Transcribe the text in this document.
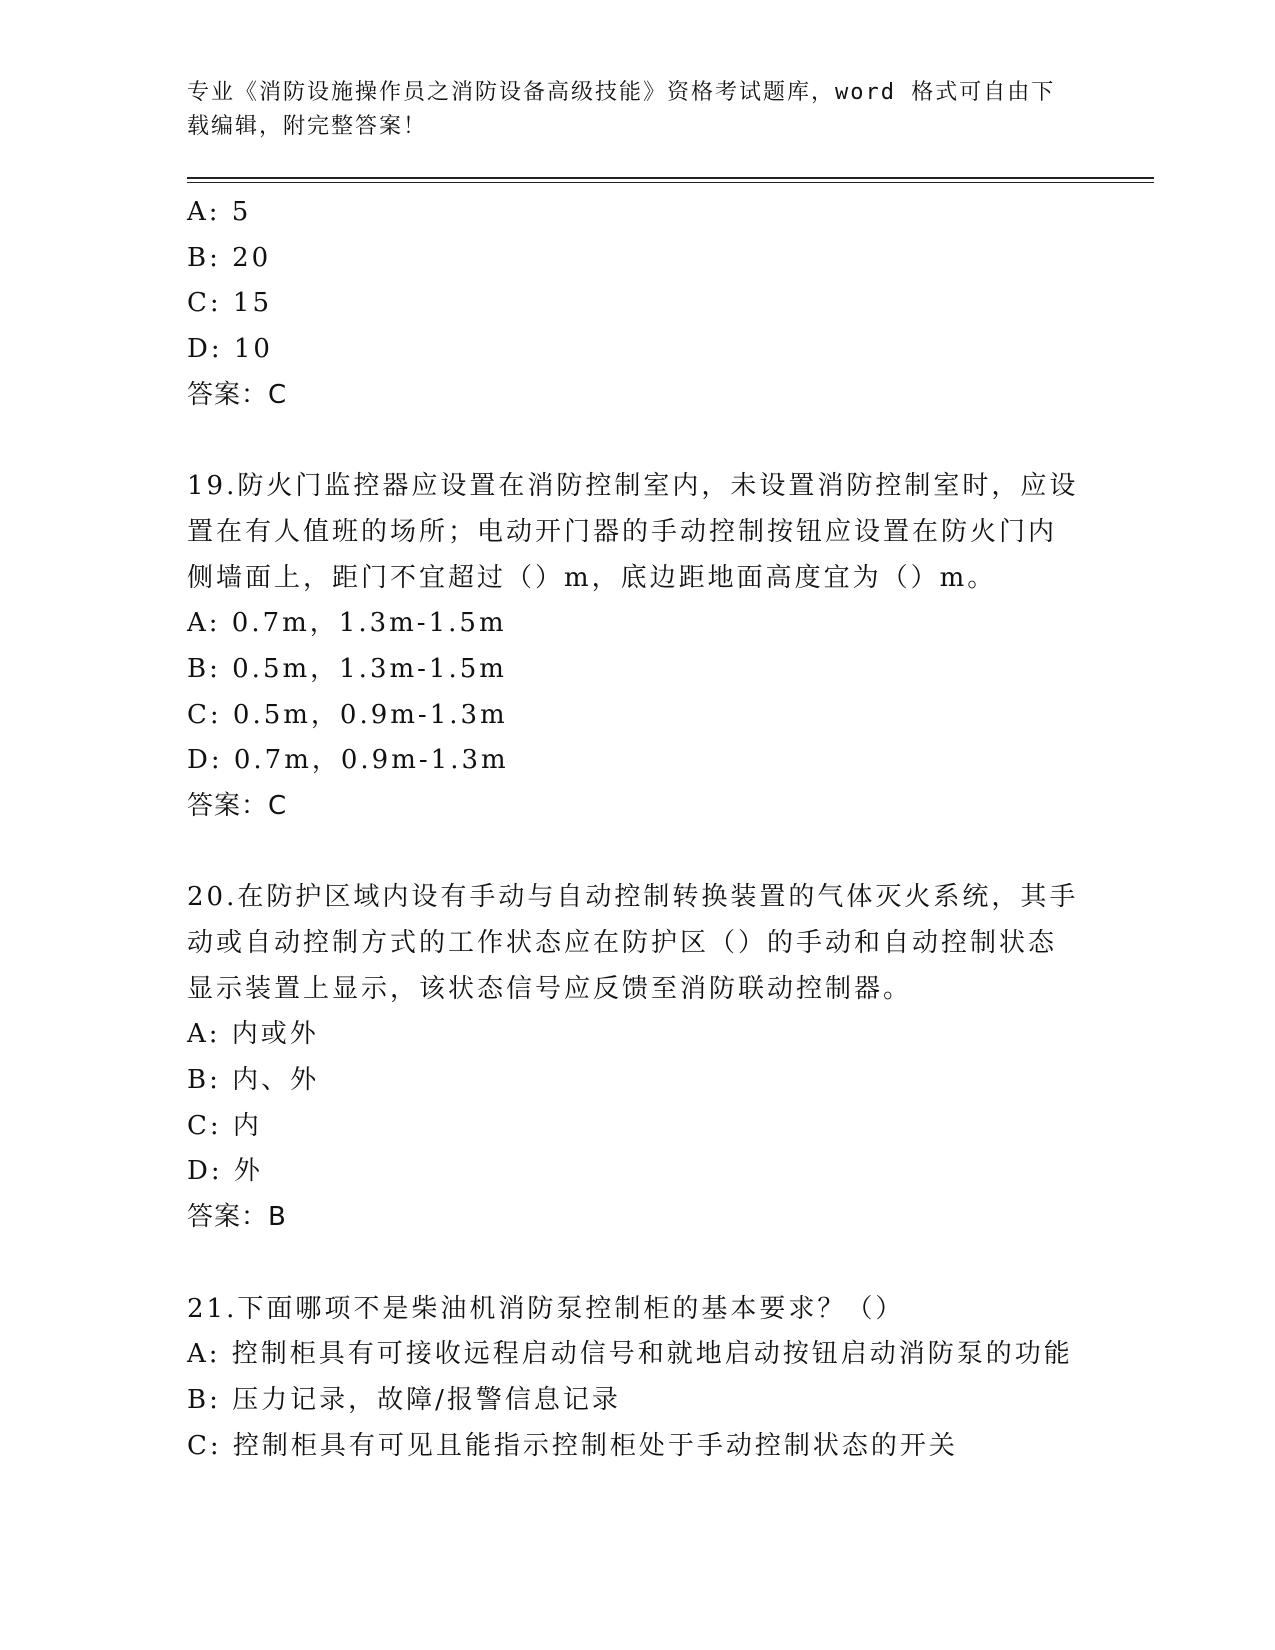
专业《消防设施操作员之消防设备高级技能》资格考试题库，word 格式可自由下
载编辑，附完整答案！
A: 5
B: 20
C: 15
D: 10
答案：C
19.防火门监控器应设置在消防控制室内，未设置消防控制室时，应设
置在有人值班的场所；电动开门器的手动控制按钮应设置在防火门内
侧墙面上，距门不宜超过（）m，底边距地面高度宜为（）m。
A: 0.7m，1.3m-1.5m
B: 0.5m，1.3m-1.5m
C: 0.5m，0.9m-1.3m
D: 0.7m，0.9m-1.3m
答案：C
20.在防护区域内设有手动与自动控制转换装置的气体灭火系统，其手
动或自动控制方式的工作状态应在防护区（）的手动和自动控制状态
显示装置上显示，该状态信号应反馈至消防联动控制器。
A: 内或外
B: 内、外
C: 内
D: 外
答案：B
21.下面哪项不是柴油机消防泵控制柜的基本要求？（）
A: 控制柜具有可接收远程启动信号和就地启动按钮启动消防泵的功能
B: 压力记录，故障/报警信息记录
C: 控制柜具有可见且能指示控制柜处于手动控制状态的开关
